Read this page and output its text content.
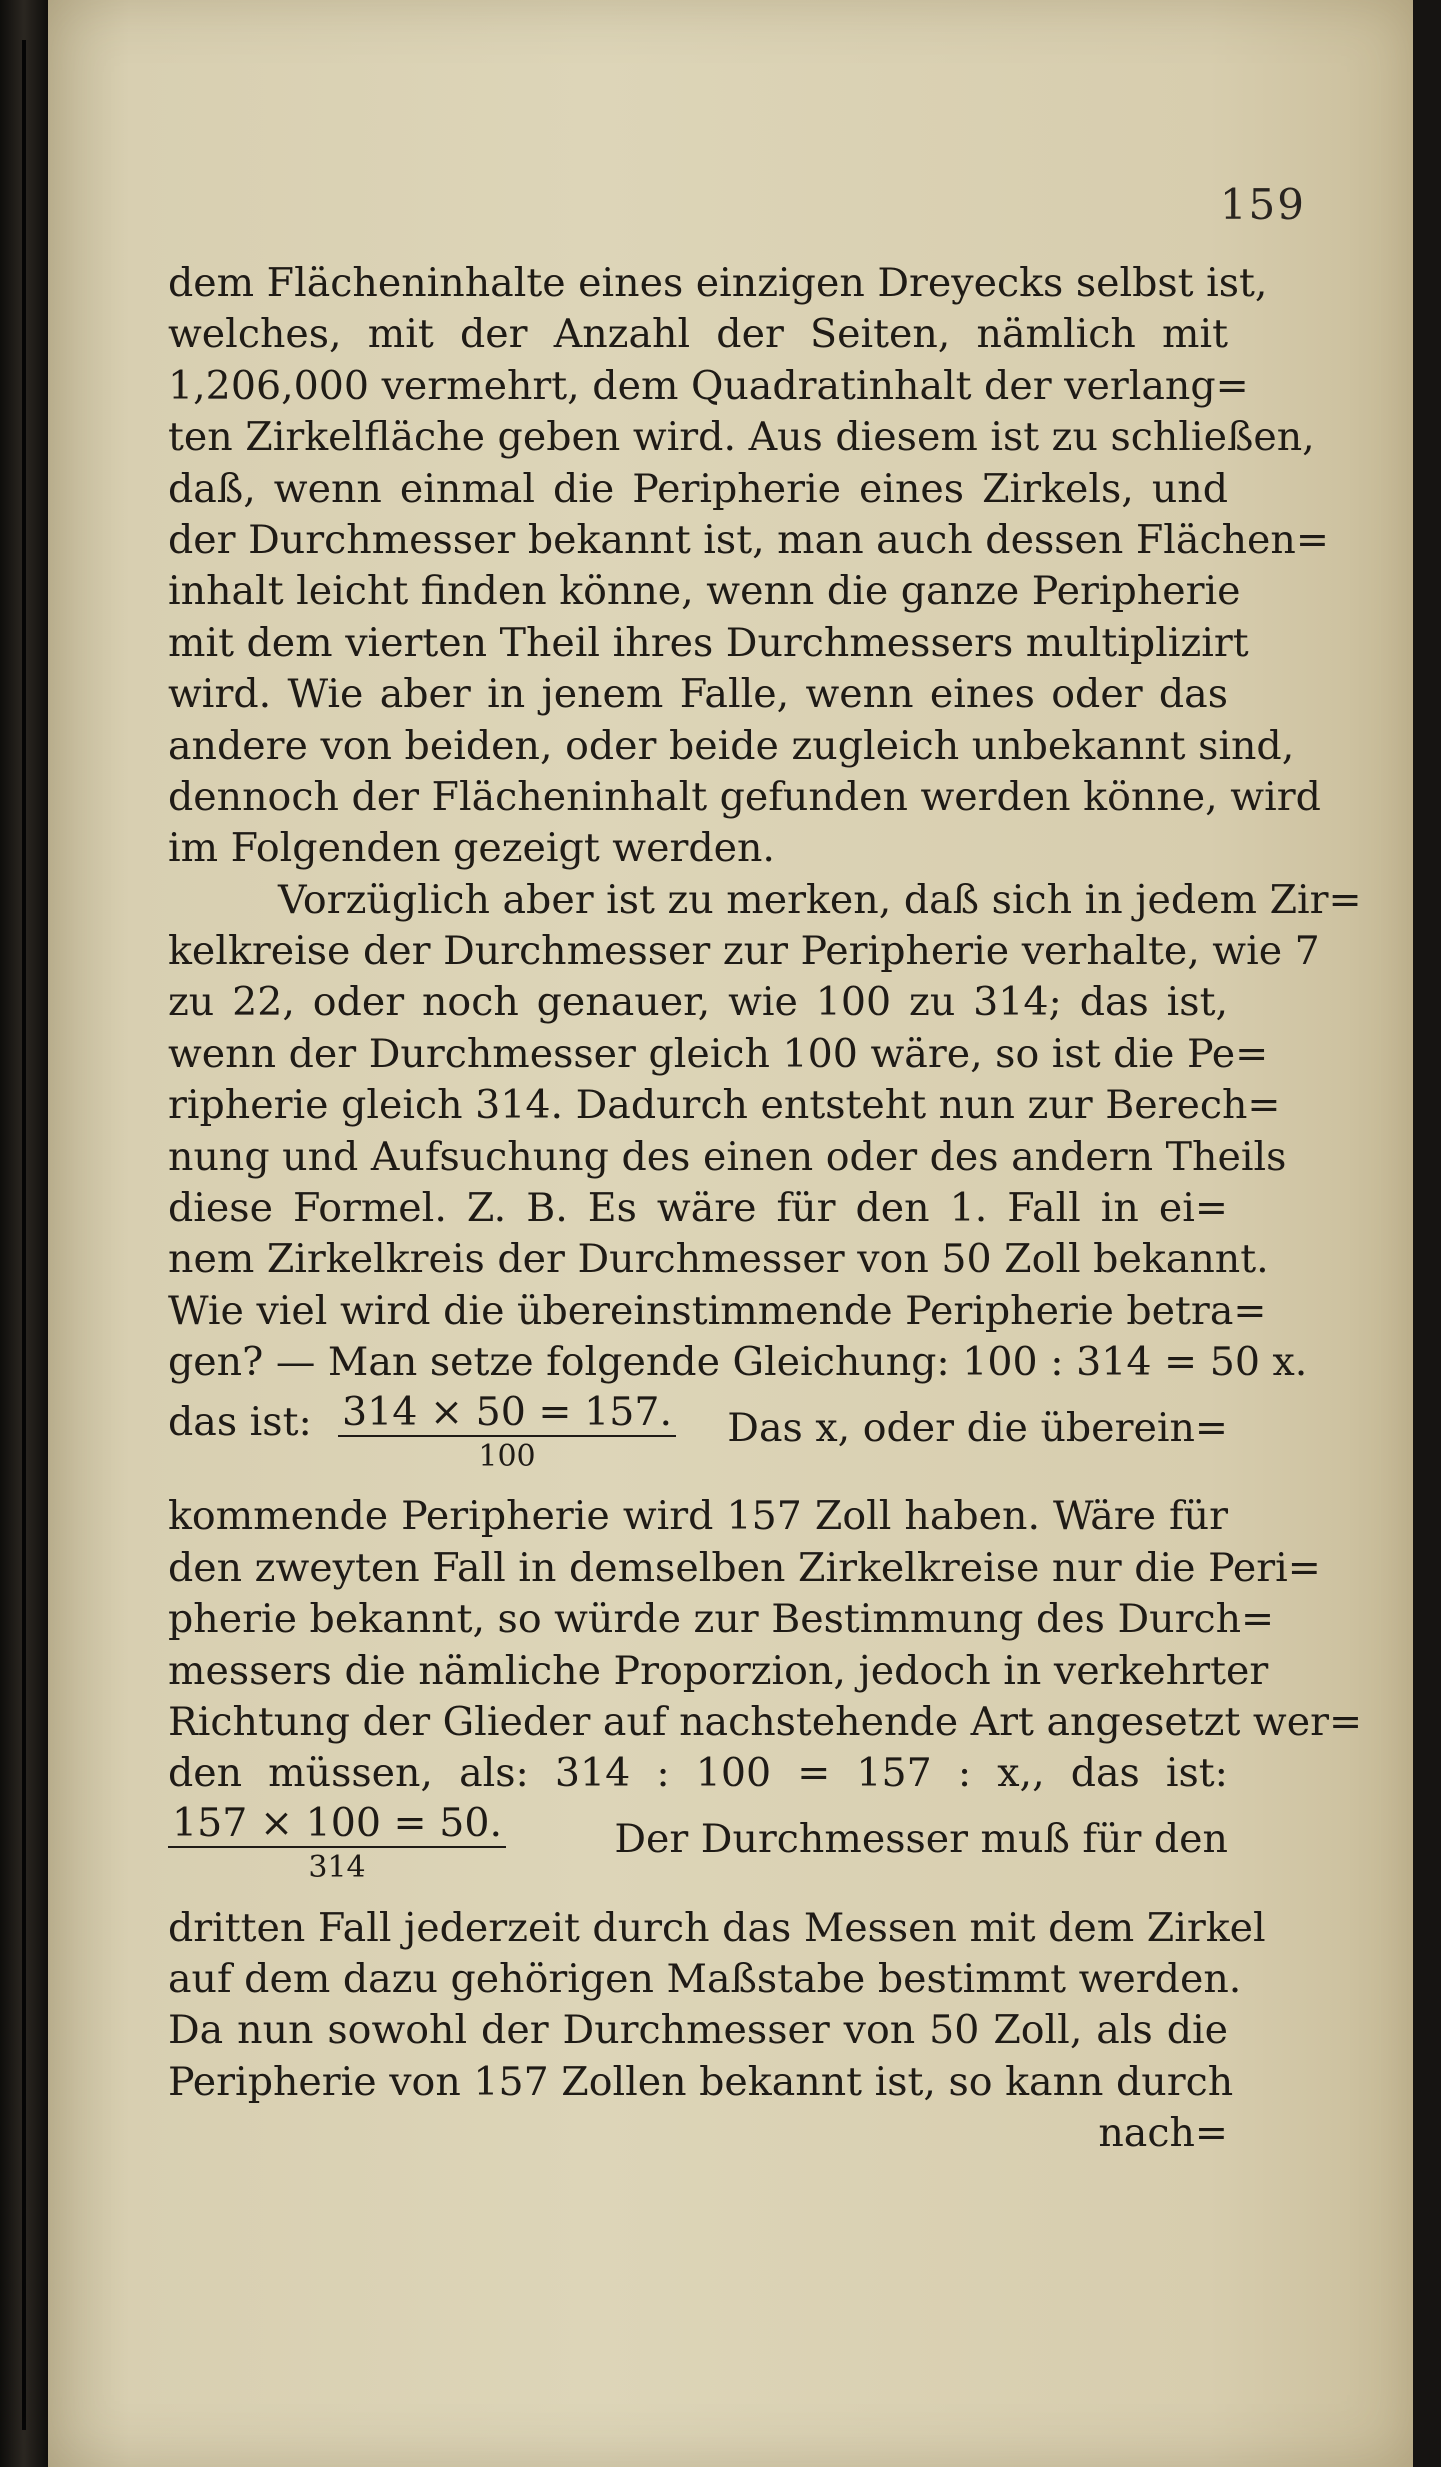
159
dem Flächeninhalte eines einzigen Dreyecks selbst ist,
welches, mit der Anzahl der Seiten, nämlich mit
1,206,000 vermehrt, dem Quadratinhalt der verlang=
ten Zirkelfläche geben wird. Aus diesem ist zu schließen,
daß, wenn einmal die Peripherie eines Zirkels, und
der Durchmesser bekannt ist, man auch dessen Flächen=
inhalt leicht finden könne, wenn die ganze Peripherie
mit dem vierten Theil ihres Durchmessers multiplizirt
wird. Wie aber in jenem Falle, wenn eines oder das
andere von beiden, oder beide zugleich unbekannt sind,
dennoch der Flächeninhalt gefunden werden könne, wird
im Folgenden gezeigt werden.
Vorzüglich aber ist zu merken, daß sich in jedem Zir=
kelkreise der Durchmesser zur Peripherie verhalte, wie 7
zu 22, oder noch genauer, wie 100 zu 314; das ist,
wenn der Durchmesser gleich 100 wäre, so ist die Pe=
ripherie gleich 314. Dadurch entsteht nun zur Berech=
nung und Aufsuchung des einen oder des andern Theils
diese Formel. Z. B. Es wäre für den 1. Fall in ei=
nem Zirkelkreis der Durchmesser von 50 Zoll bekannt.
Wie viel wird die übereinstimmende Peripherie betra=
gen? — Man setze folgende Gleichung: 100 : 314 = 50 x.
das ist: 314 × 50 = 157.
100
Das x, oder die überein=
kommende Peripherie wird 157 Zoll haben. Wäre für
den zweyten Fall in demselben Zirkelkreise nur die Peri=
pherie bekannt, so würde zur Bestimmung des Durch=
messers die nämliche Proporzion, jedoch in verkehrter
Richtung der Glieder auf nachstehende Art angesetzt wer=
den müssen, als: 314 : 100 = 157 : x,, das ist:
157 × 100 = 50.
314
Der Durchmesser muß für den
dritten Fall jederzeit durch das Messen mit dem Zirkel
auf dem dazu gehörigen Maßstabe bestimmt werden.
Da nun sowohl der Durchmesser von 50 Zoll, als die
Peripherie von 157 Zollen bekannt ist, so kann durch
nach=
